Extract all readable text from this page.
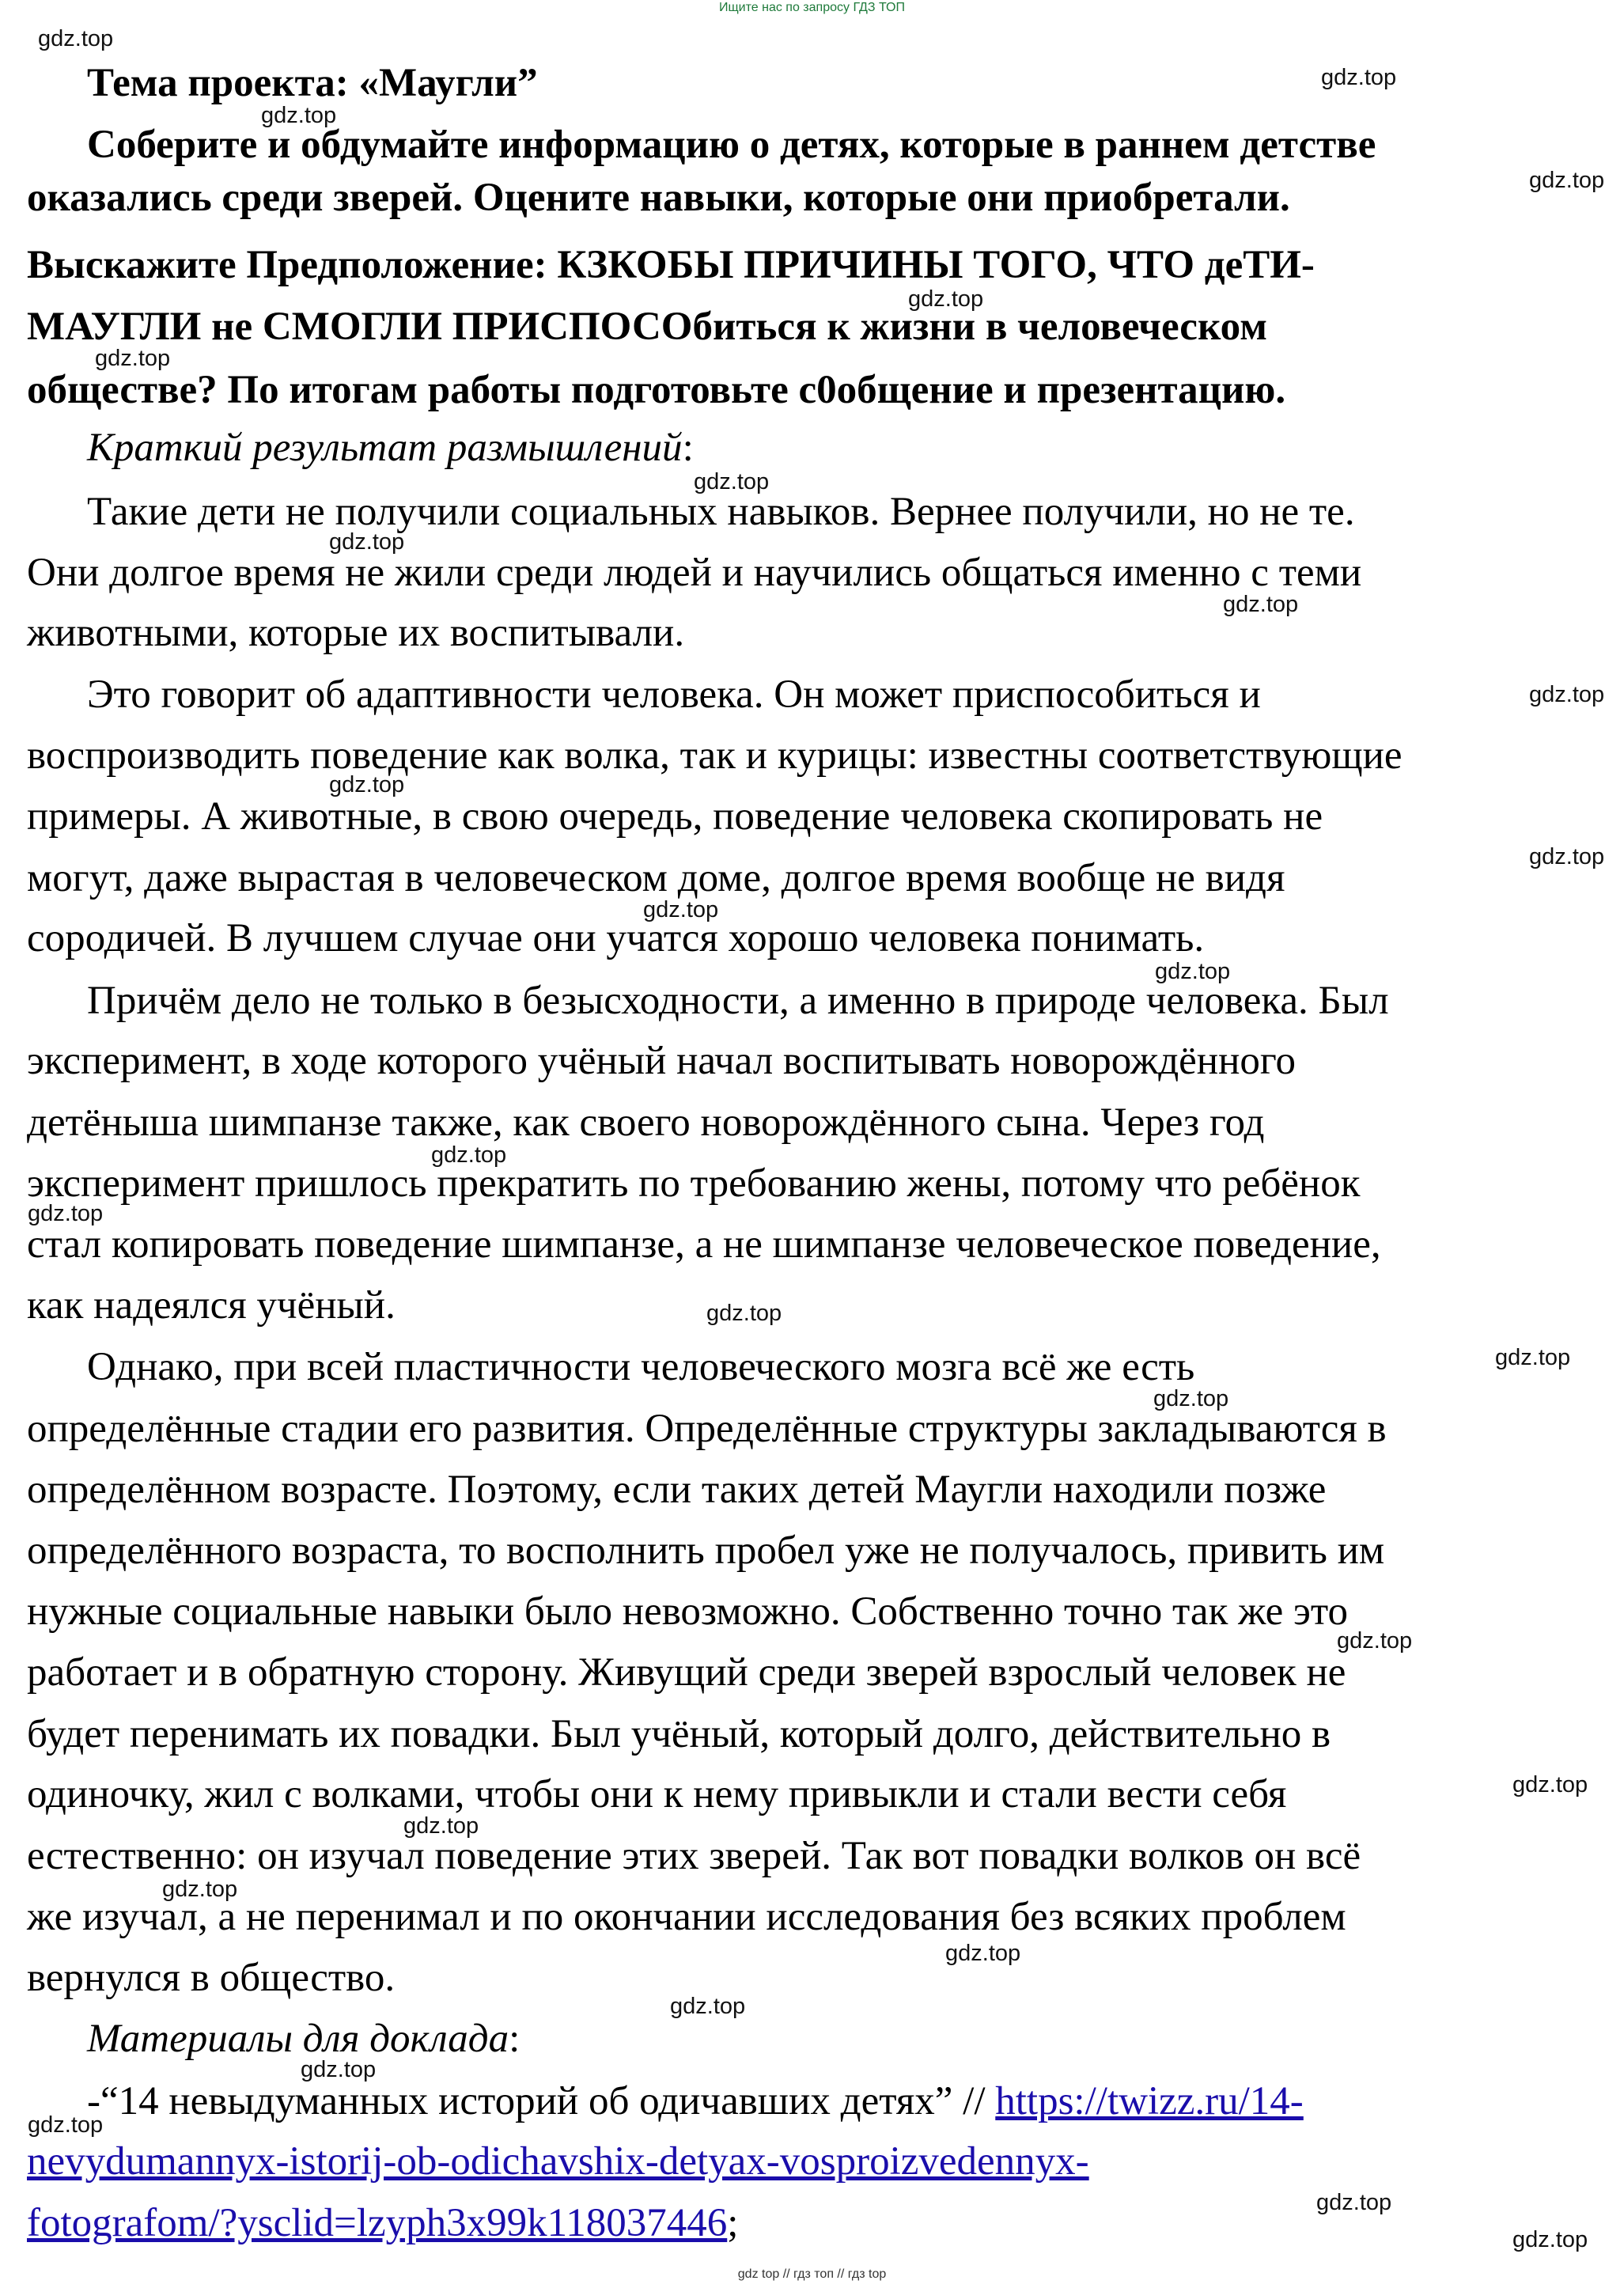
Ищите нас по запросу ГДЗ ТОП

Тема проекта: «Маугли”

Соберите и обдумайте информацию о детях, которые в раннем детстве

оказались среди зверей. Оцените навыки, которые они приобретали.

Выскажите Предположение: КЗКОБЫ ПРИЧИНЫ ТОГО, ЧТО деТИ-

МАУГЛИ не СМОГЛИ ПРИСПОСОбиться к жизни в человеческом

обществе? По итогам работы подготовьте с0общение и презентацию.

Краткий результат размышлений:

Такие дети не получили социальных навыков. Вернее получили, но не те.

Они долгое время не жили среди людей и научились общаться именно с теми

животными, которые их воспитывали.

Это говорит об адаптивности человека. Он может приспособиться и

воспроизводить поведение как волка, так и курицы: известны соответствующие

примеры. А животные, в свою очередь, поведение человека скопировать не

могут, даже вырастая в человеческом доме, долгое время вообще не видя

сородичей. В лучшем случае они учатся хорошо человека понимать.

Причём дело не только в безысходности, а именно в природе человека. Был

эксперимент, в ходе которого учёный начал воспитывать новорождённого

детёныша шимпанзе также, как своего новорождённого сына. Через год

эксперимент пришлось прекратить по требованию жены, потому что ребёнок

стал копировать поведение шимпанзе, а не шимпанзе человеческое поведение,

как надеялся учёный.

Однако, при всей пластичности человеческого мозга всё же есть

определённые стадии его развития. Определённые структуры закладываются в

определённом возрасте. Поэтому, если таких детей Маугли находили позже

определённого возраста, то восполнить пробел уже не получалось, привить им

нужные социальные навыки было невозможно. Собственно точно так же это

работает и в обратную сторону. Живущий среди зверей взрослый человек не

будет перенимать их повадки. Был учёный, который долго, действительно в

одиночку, жил с волками, чтобы они к нему привыкли и стали вести себя

естественно: он изучал поведение этих зверей. Так вот повадки волков он всё

же изучал, а не перенимал и по окончании исследования без всяких проблем

вернулся в общество.

Материалы для доклада:

-“14 невыдуманных историй об одичавших детях” // https://twizz.ru/14-

nevydumannyx-istorij-ob-odichavshix-detyax-vosproizvedennyx-

fotografom/?ysclid=lzyph3x99k118037446;

gdz.top
gdz.top
gdz.top
gdz.top
gdz.top
gdz.top
gdz.top
gdz.top
gdz.top
gdz.top
gdz.top
gdz.top
gdz.top
gdz.top
gdz.top
gdz.top
gdz.top
gdz.top
gdz.top
gdz.top
gdz.top
gdz.top
gdz.top
gdz.top
gdz.top
gdz.top
gdz.top
gdz.top
gdz.top
gdz top // гдз топ // гдз top
